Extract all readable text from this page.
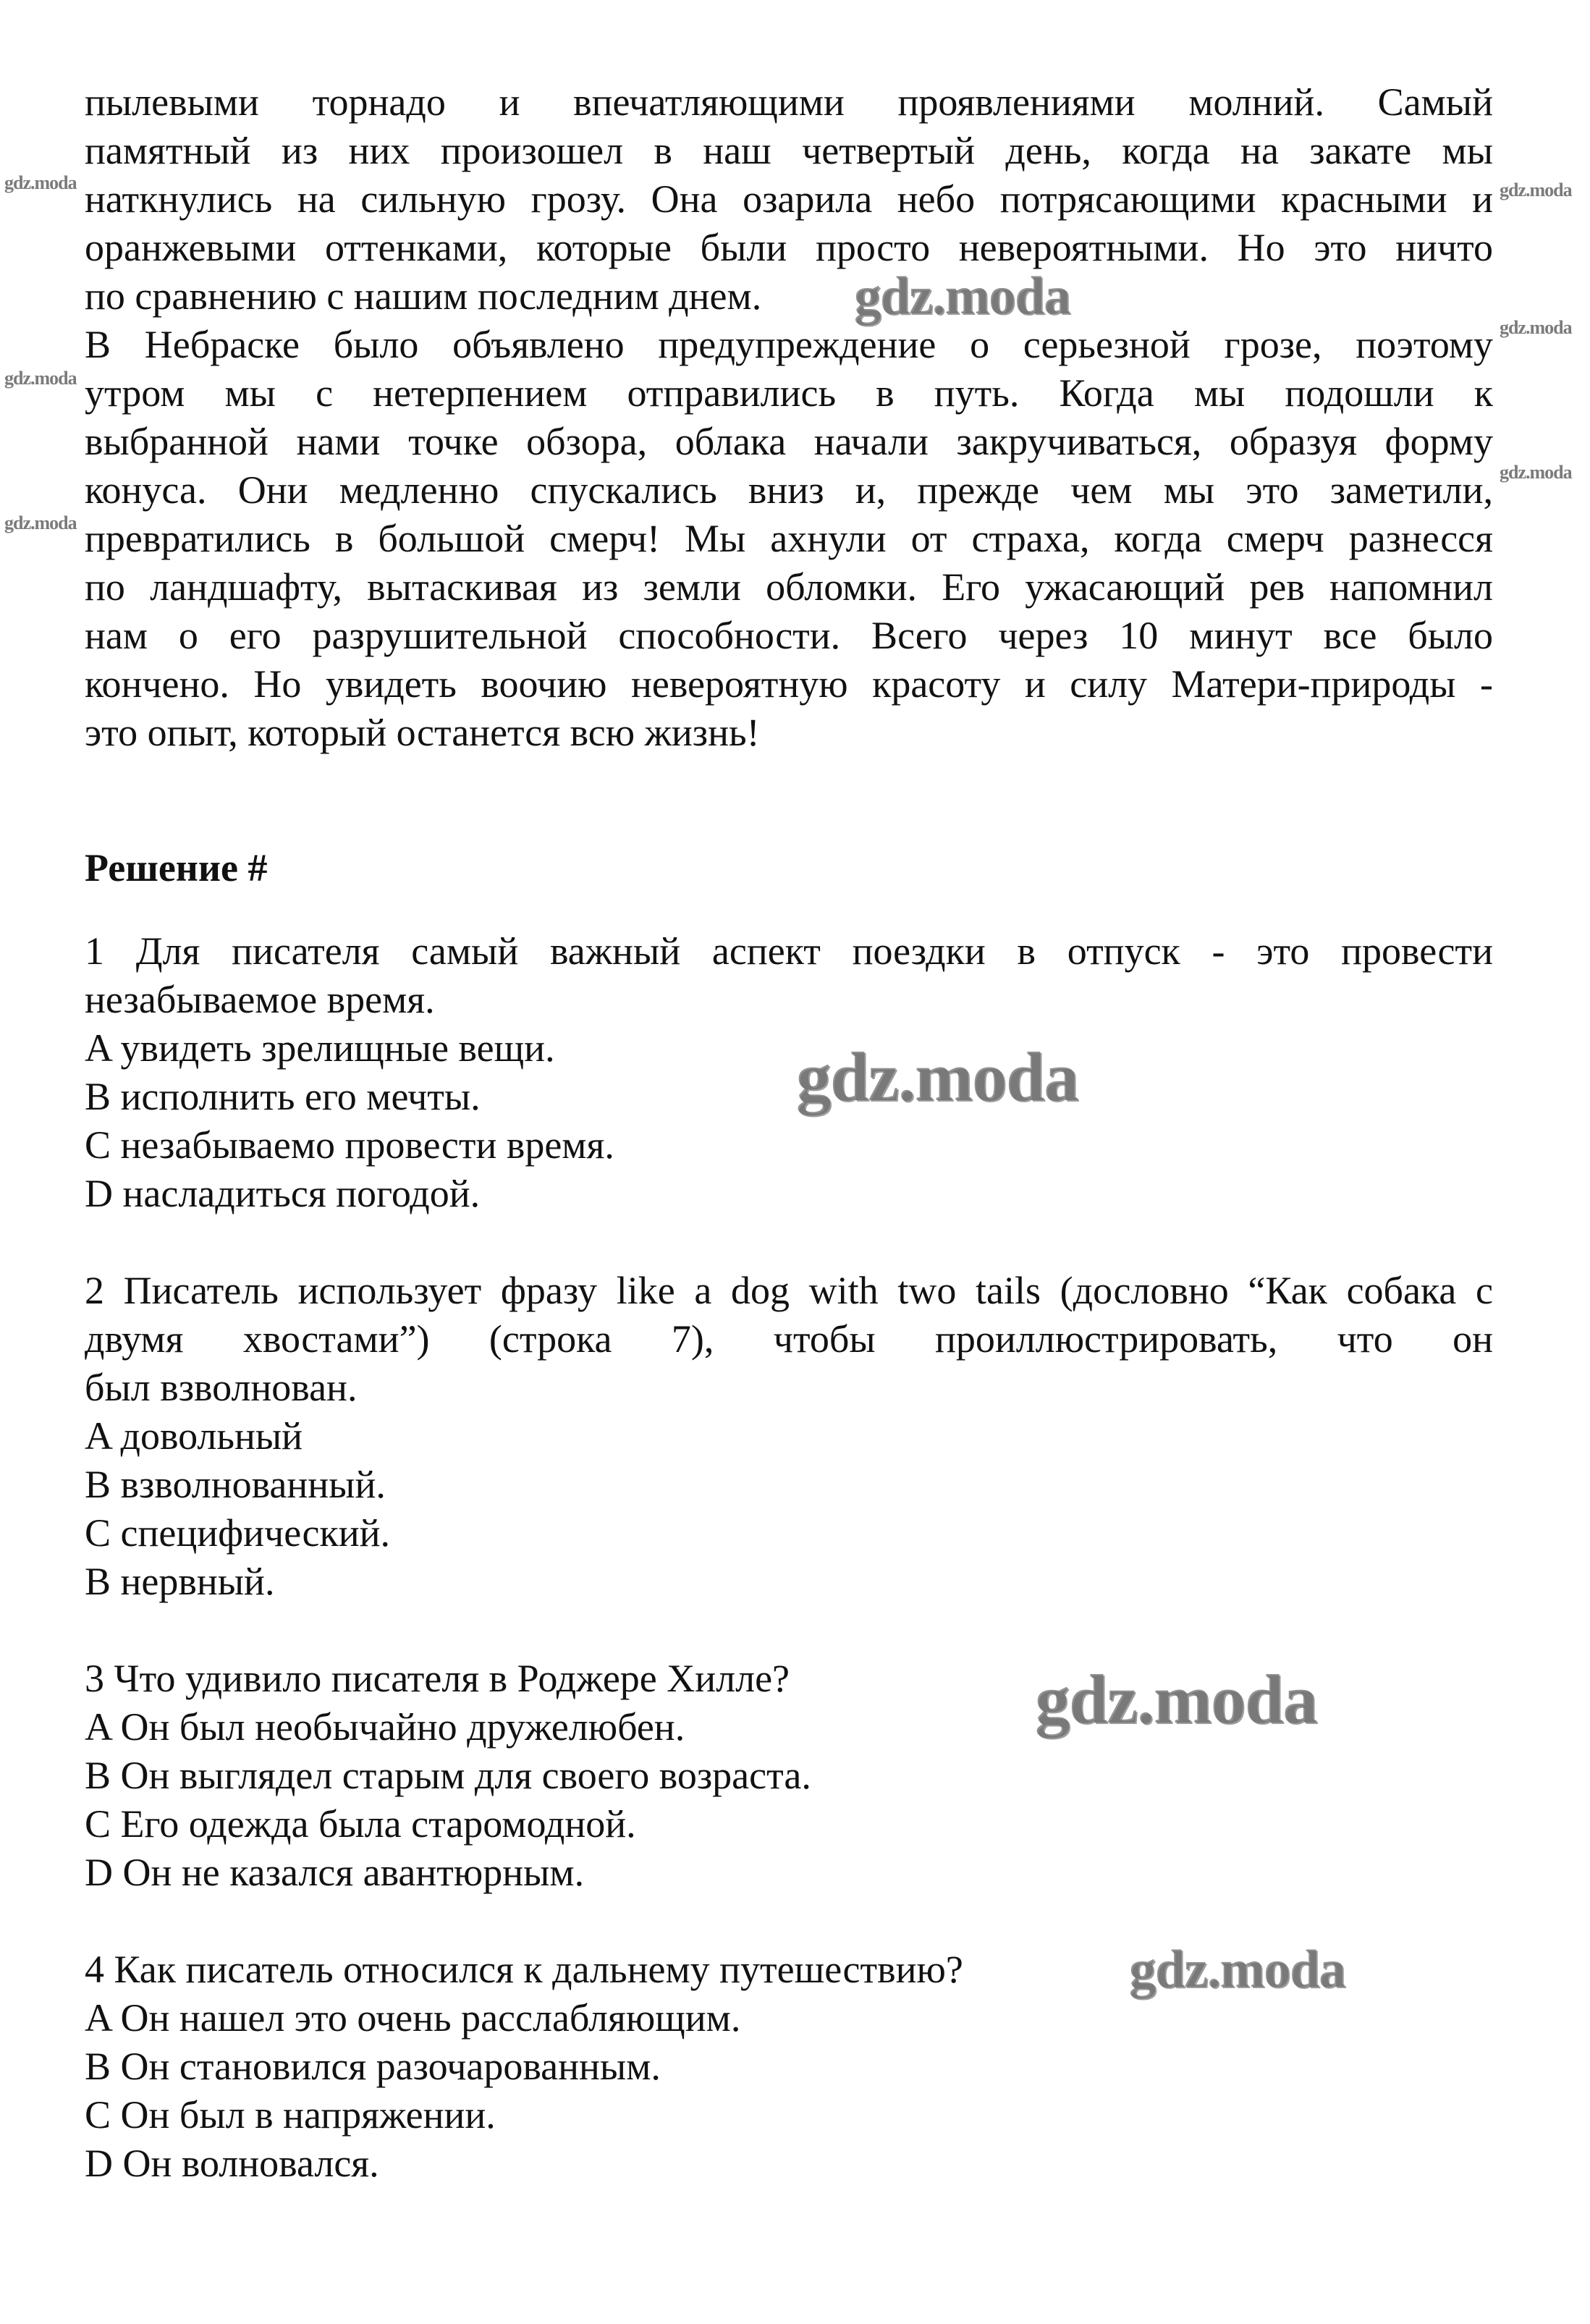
пылевыми торнадо и впечатляющими проявлениями молний. Самый
памятный из них произошел в наш четвертый день, когда на закате мы
наткнулись на сильную грозу. Она озарила небо потрясающими красными и
оранжевыми оттенками, которые были просто невероятными. Но это ничто
по сравнению с нашим последним днем.
В Небраске было объявлено предупреждение о серьезной грозе, поэтому
утром мы с нетерпением отправились в путь. Когда мы подошли к
выбранной нами точке обзора, облака начали закручиваться, образуя форму
конуса. Они медленно спускались вниз и, прежде чем мы это заметили,
превратились в большой смерч! Мы ахнули от страха, когда смерч разнесся
по ландшафту, вытаскивая из земли обломки. Его ужасающий рев напомнил
нам о его разрушительной способности. Всего через 10 минут все было
кончено. Но увидеть воочию невероятную красоту и силу Матери-природы -
это опыт, который останется всю жизнь!
Решение #
1 Для писателя самый важный аспект поездки в отпуск - это провести
незабываемое время.
A увидеть зрелищные вещи.
B исполнить его мечты.
C незабываемо провести время.
D насладиться погодой.
2 Писатель использует фразу like a dog with two tails (дословно “Как собака с
двумя хвостами”) (строка 7), чтобы проиллюстрировать, что он
был взволнован.
A довольный
B взволнованный.
C специфический.
B нервный.
3 Что удивило писателя в Роджере Хилле?
A Он был необычайно дружелюбен.
B Он выглядел старым для своего возраста.
C Его одежда была старомодной.
D Он не казался авантюрным.
4 Как писатель относился к дальнему путешествию?
A Он нашел это очень расслабляющим.
B Он становился разочарованным.
C Он был в напряжении.
D Он волновался.
gdz.moda
gdz.moda
gdz.moda
gdz.moda
gdz.moda	gdz.moda
gdz.moda
gdz.moda
gdz.moda
gdz.moda
